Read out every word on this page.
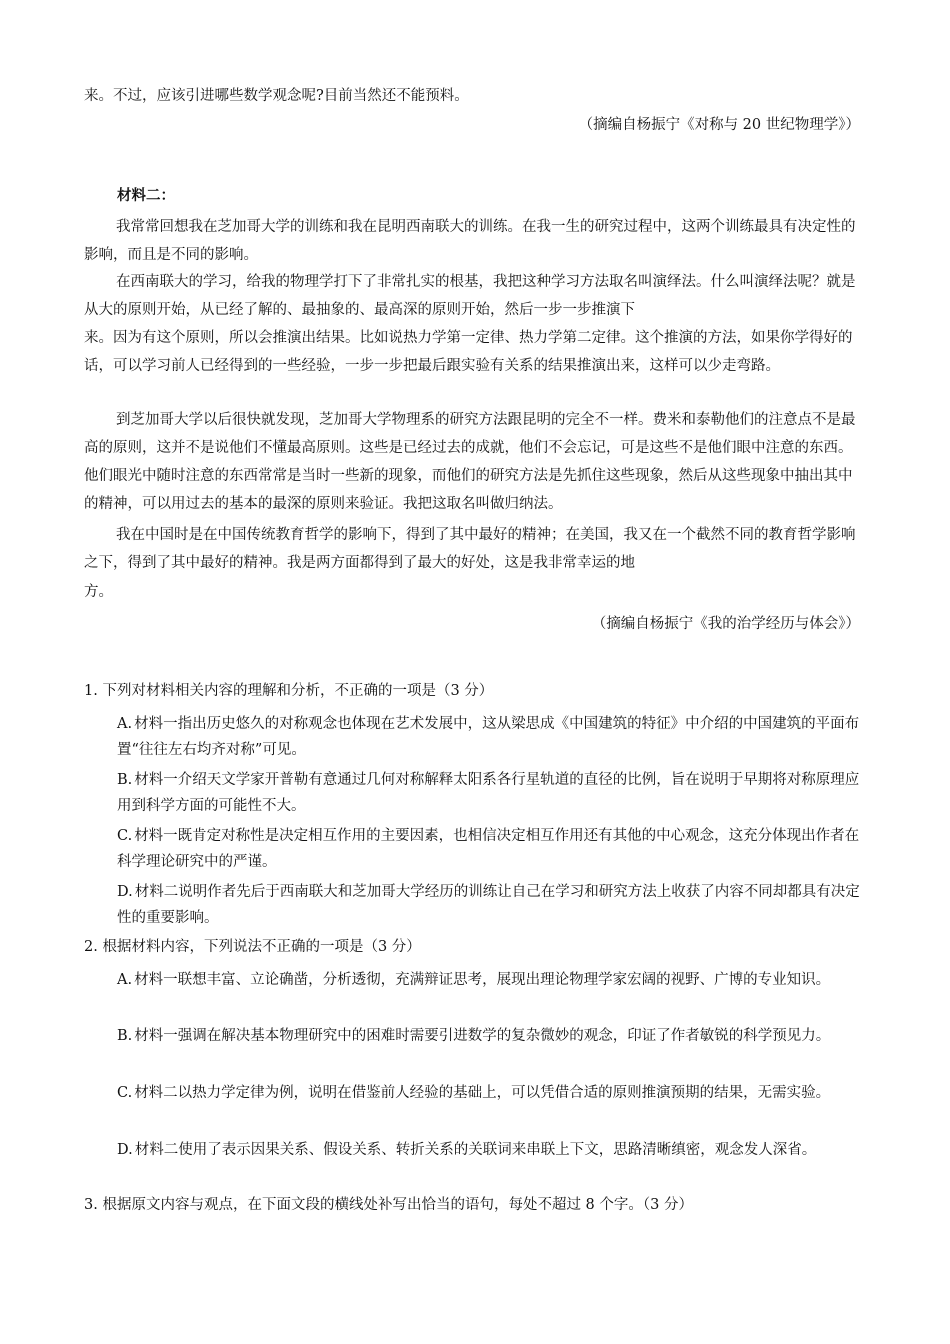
来。不过，应该引进哪些数学观念呢?目前当然还不能预料。

（摘编自杨振宁《对称与 20 世纪物理学》）
材料二：

我常常回想我在芝加哥大学的训练和我在昆明西南联大的训练。在我一生的研究过程中，这两个训练最具有决定性的影响，而且是不同的影响。

在西南联大的学习，给我的物理学打下了非常扎实的根基，我把这种学习方法取名叫演绎法。什么叫演绎法呢？就是从大的原则开始，从已经了解的、最抽象的、最高深的原则开始，然后一步一步推演下

来。因为有这个原则，所以会推演出结果。比如说热力学第一定律、热力学第二定律。这个推演的方法，如果你学得好的话，可以学习前人已经得到的一些经验，一步一步把最后跟实验有关系的结果推演出来，这样可以少走弯路。

到芝加哥大学以后很快就发现，芝加哥大学物理系的研究方法跟昆明的完全不一样。费米和泰勒他们的注意点不是最高的原则，这并不是说他们不懂最高原则。这些是已经过去的成就，他们不会忘记，可是这些不是他们眼中注意的东西。他们眼光中随时注意的东西常常是当时一些新的现象，而他们的研究方法是先抓住这些现象，然后从这些现象中抽出其中的精神，可以用过去的基本的最深的原则来验证。我把这取名叫做归纳法。

我在中国时是在中国传统教育哲学的影响下，得到了其中最好的精神；在美国，我又在一个截然不同的教育哲学影响之下，得到了其中最好的精神。我是两方面都得到了最大的好处，这是我非常幸运的地

方。

（摘编自杨振宁《我的治学经历与体会》）

1. 下列对材料相关内容的理解和分析，不正确的一项是（3 分）

A. 材料一指出历史悠久的对称观念也体现在艺术发展中，这从梁思成《中国建筑的特征》中介绍的中国建筑的平面布置“往往左右均齐对称”可见。

B. 材料一介绍天文学家开普勒有意通过几何对称解释太阳系各行星轨道的直径的比例，旨在说明于早期将对称原理应用到科学方面的可能性不大。

C. 材料一既肯定对称性是决定相互作用的主要因素，也相信决定相互作用还有其他的中心观念，这充分体现出作者在科学理论研究中的严谨。

D. 材料二说明作者先后于西南联大和芝加哥大学经历的训练让自己在学习和研究方法上收获了内容不同却都具有决定性的重要影响。

2. 根据材料内容，下列说法不正确的一项是（3 分）

A. 材料一联想丰富、立论确凿，分析透彻，充满辩证思考，展现出理论物理学家宏阔的视野、广博的专业知识。

B. 材料一强调在解决基本物理研究中的困难时需要引进数学的复杂微妙的观念，印证了作者敏锐的科学预见力。

C. 材料二以热力学定律为例，说明在借鉴前人经验的基础上，可以凭借合适的原则推演预期的结果，无需实验。

D. 材料二使用了表示因果关系、假设关系、转折关系的关联词来串联上下文，思路清晰缜密，观念发人深省。

3. 根据原文内容与观点，在下面文段的横线处补写出恰当的语句，每处不超过 8 个字。（3 分）
